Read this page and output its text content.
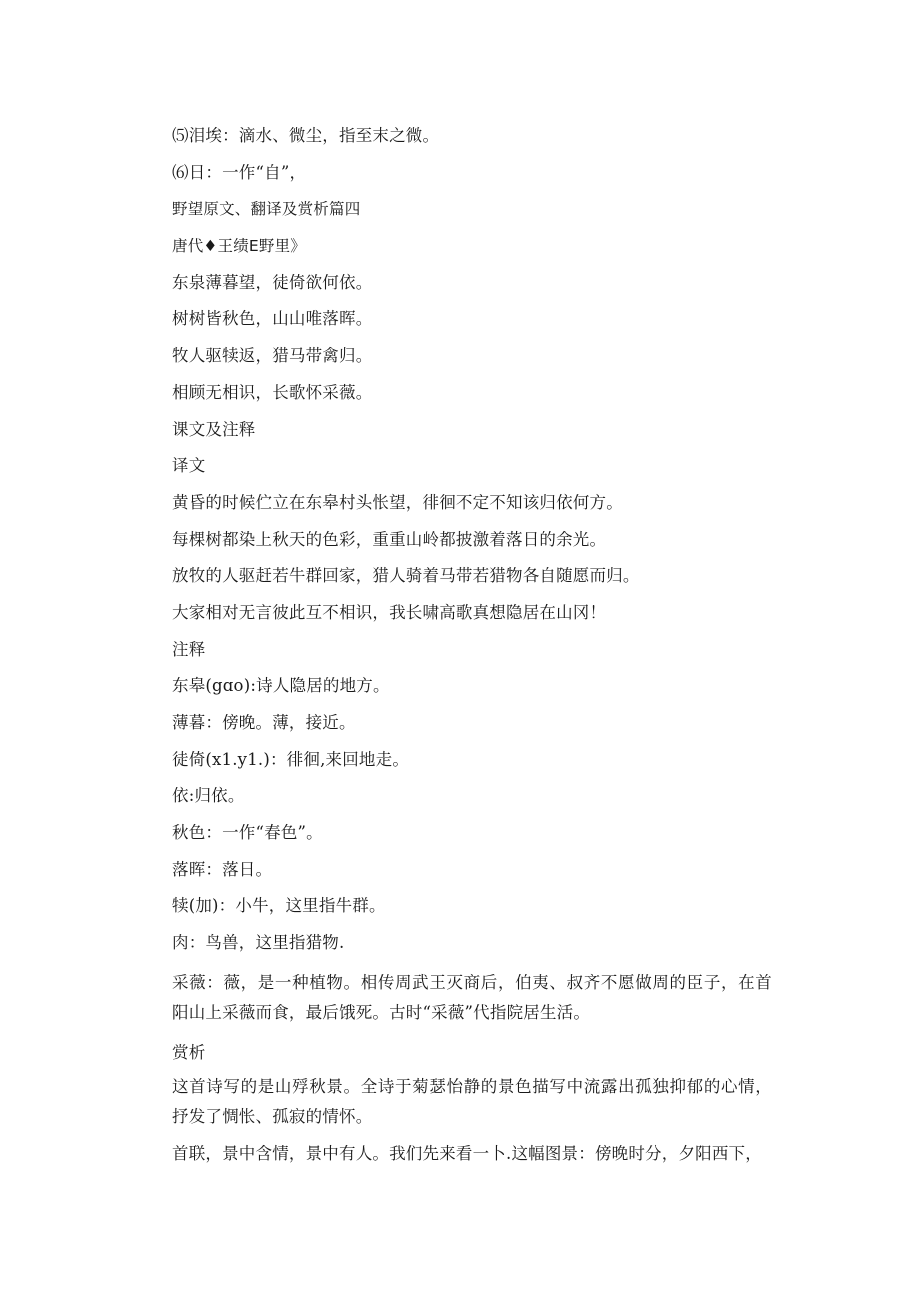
⑸泪埃：滴水、微尘，指至末之微。

⑹日：一作“自”，

野望原文、翻译及赏析篇四

唐代♦王绩E野里》

东泉薄暮望，徒倚欲何依。

树树皆秋色，山山唯落晖。

牧人驱犊返，猎马带禽归。

相顾无相识，长歌怀采薇。

课文及注释

译文

黄昏的时候伫立在东皋村头怅望，徘徊不定不知该归依何方。

每棵树都染上秋天的色彩，重重山岭都披激着落日的余光。

放牧的人驱赶若牛群回家，猎人骑着马带若猎物各自随愿而归。

大家相对无言彼此互不相识，我长啸高歌真想隐居在山冈！

注释

东皋(gɑo):诗人隐居的地方。

薄暮：傍晚。薄，接近。

徒倚(x1.y1.)：徘徊,来回地走。

依:归依。

秋色：一作“春色”。

落晖：落日。

犊(加)：小牛，这里指牛群。

肉：鸟兽，这里指猎物.

采薇：薇，是一种植物。相传周武王灭商后，伯夷、叔齐不愿做周的臣子，在首阳山上采薇而食，最后饿死。古时“采薇”代指院居生活。

赏析

这首诗写的是山殍秋景。全诗于菊瑟怡静的景色描写中流露出孤独抑郁的心情，抒发了惆怅、孤寂的情怀。

首联，景中含情，景中有人。我们先来看一卜.这幅图景：傍晚时分，夕阳西下，
